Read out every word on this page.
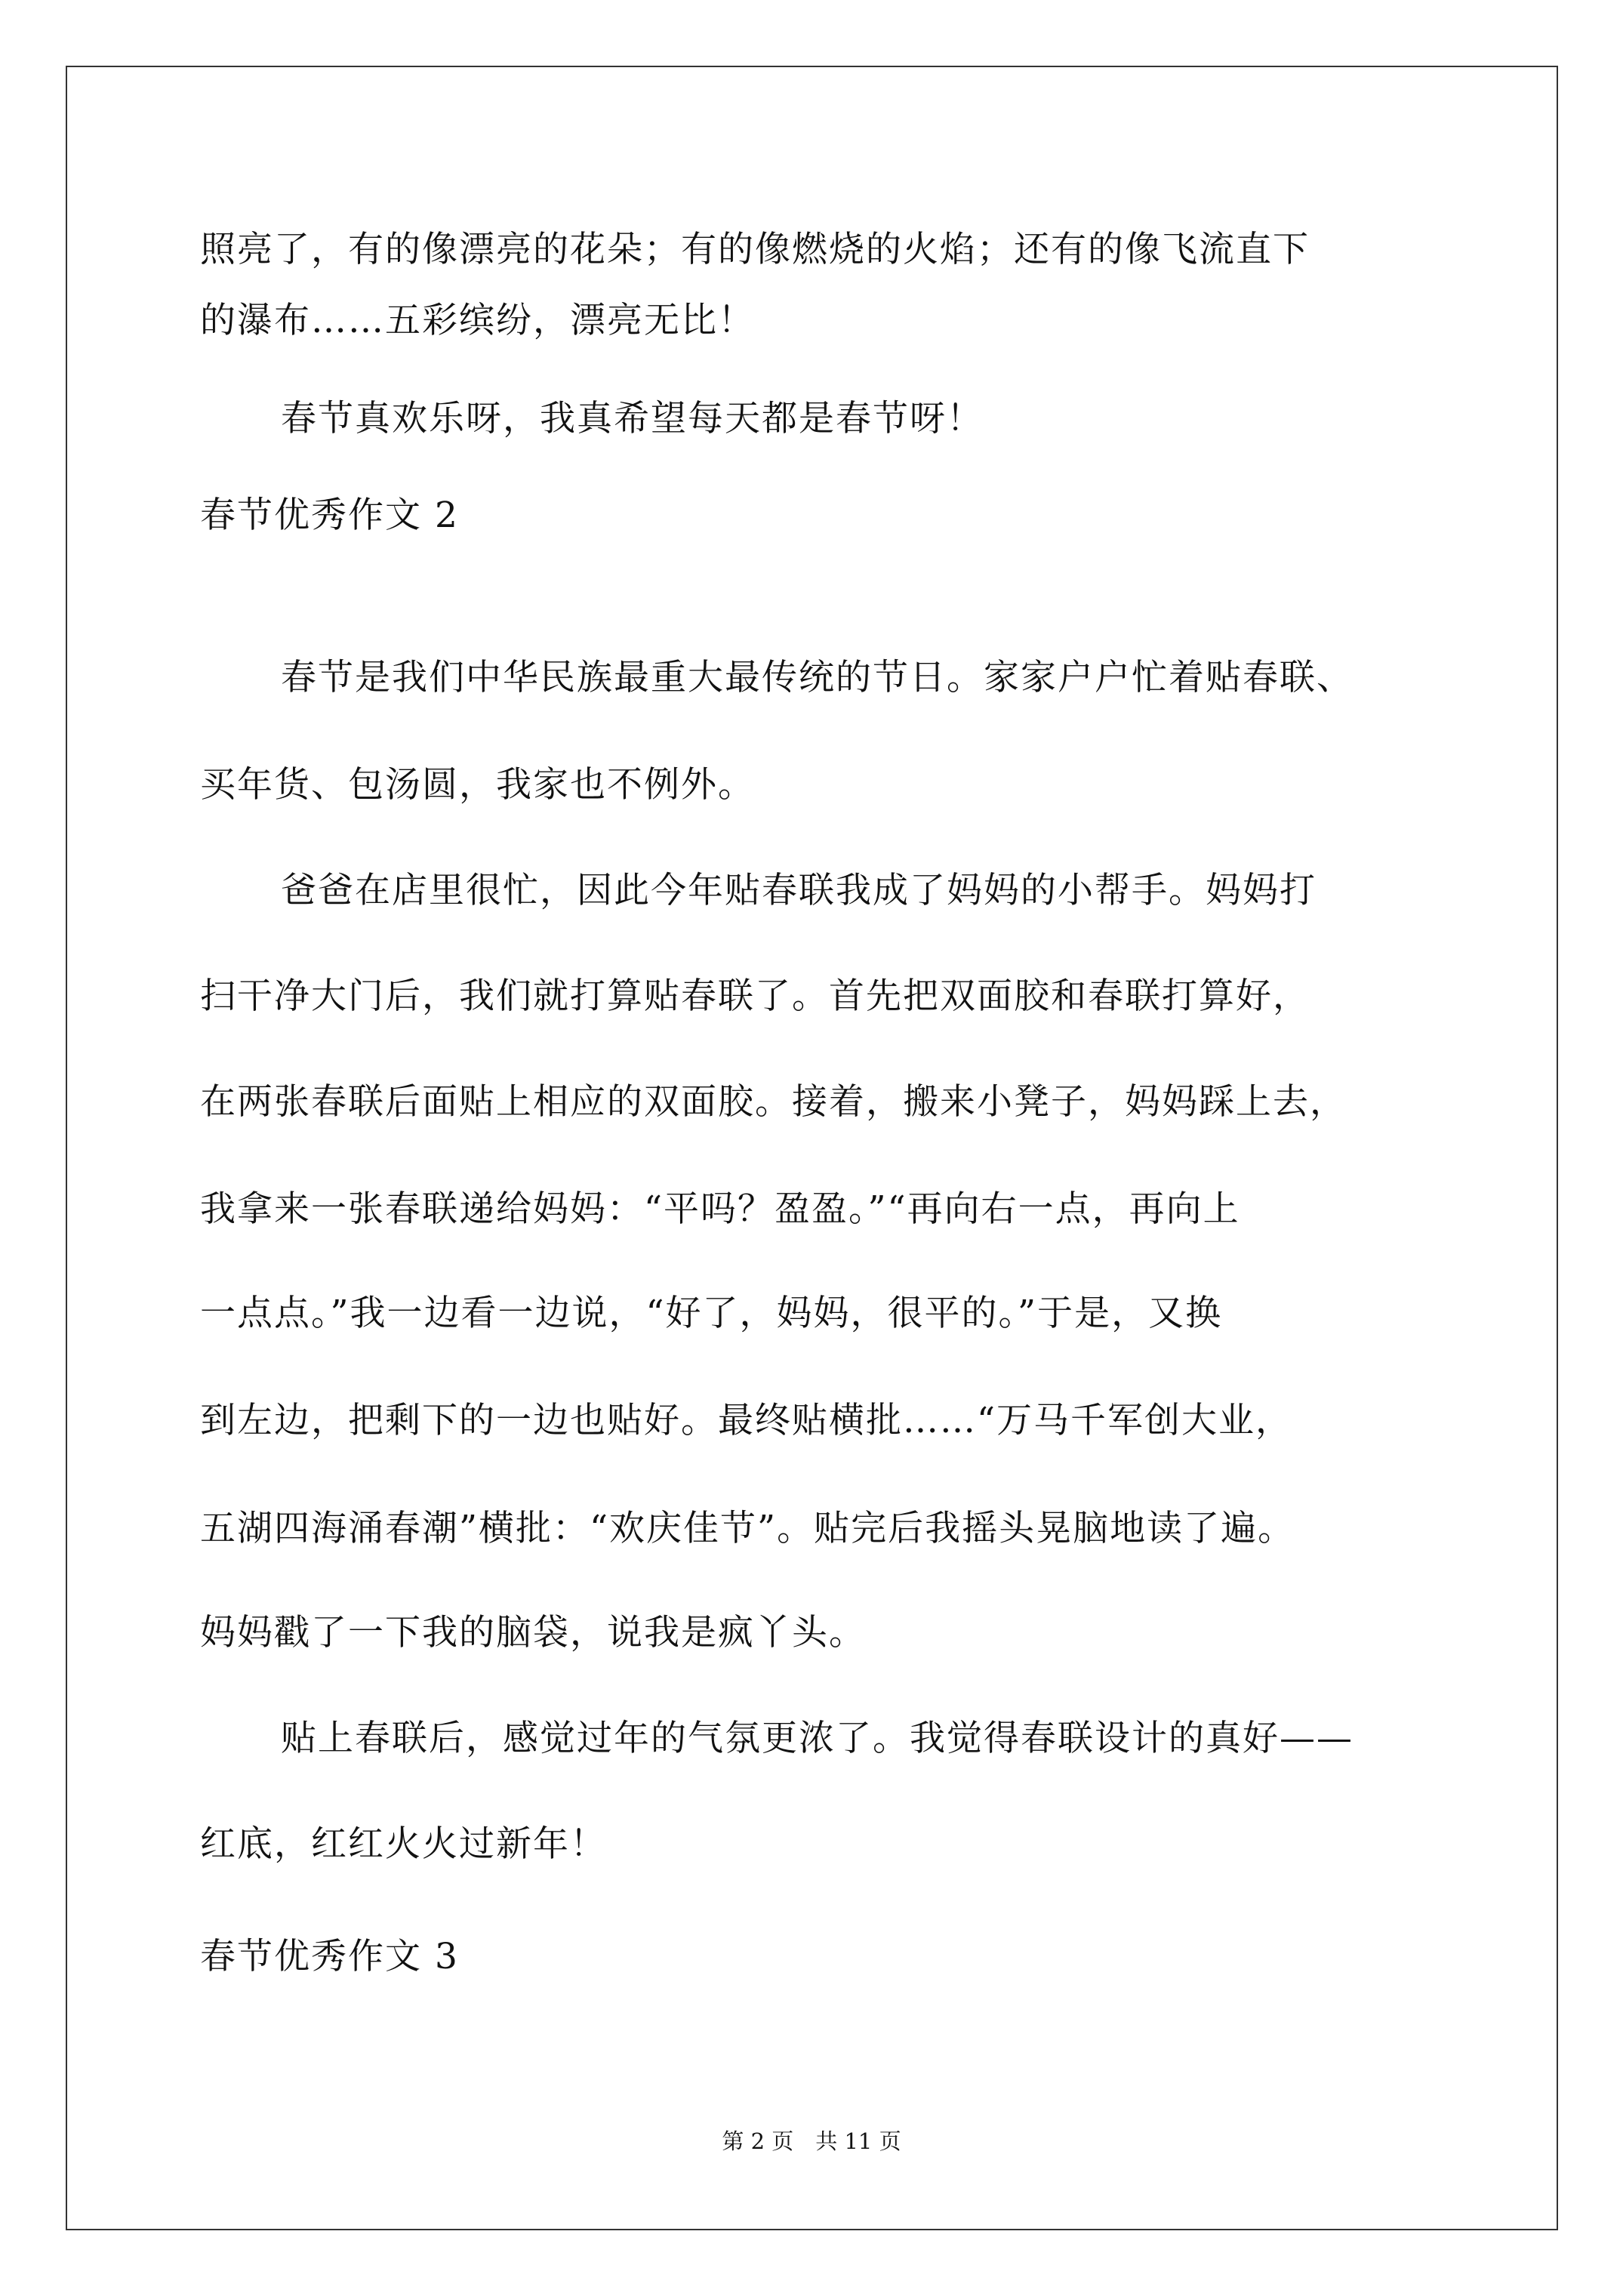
照亮了，有的像漂亮的花朵；有的像燃烧的火焰；还有的像飞流直下
的瀑布……五彩缤纷，漂亮无比！
春节真欢乐呀，我真希望每天都是春节呀！
春节优秀作文 2
春节是我们中华民族最重大最传统的节日。家家户户忙着贴春联、
买年货、包汤圆，我家也不例外。
爸爸在店里很忙，因此今年贴春联我成了妈妈的小帮手。妈妈打
扫干净大门后，我们就打算贴春联了。首先把双面胶和春联打算好，
在两张春联后面贴上相应的双面胶。接着，搬来小凳子，妈妈踩上去，
我拿来一张春联递给妈妈：“平吗？盈盈。”“再向右一点，再向上
一点点。”我一边看一边说，“好了，妈妈，很平的。”于是，又换
到左边，把剩下的一边也贴好。最终贴横批……“万马千军创大业，
五湖四海涌春潮”横批：“欢庆佳节”。贴完后我摇头晃脑地读了遍。
妈妈戳了一下我的脑袋，说我是疯丫头。
贴上春联后，感觉过年的气氛更浓了。我觉得春联设计的真好——
红底，红红火火过新年！
春节优秀作文 3
第 2 页　共 11 页
